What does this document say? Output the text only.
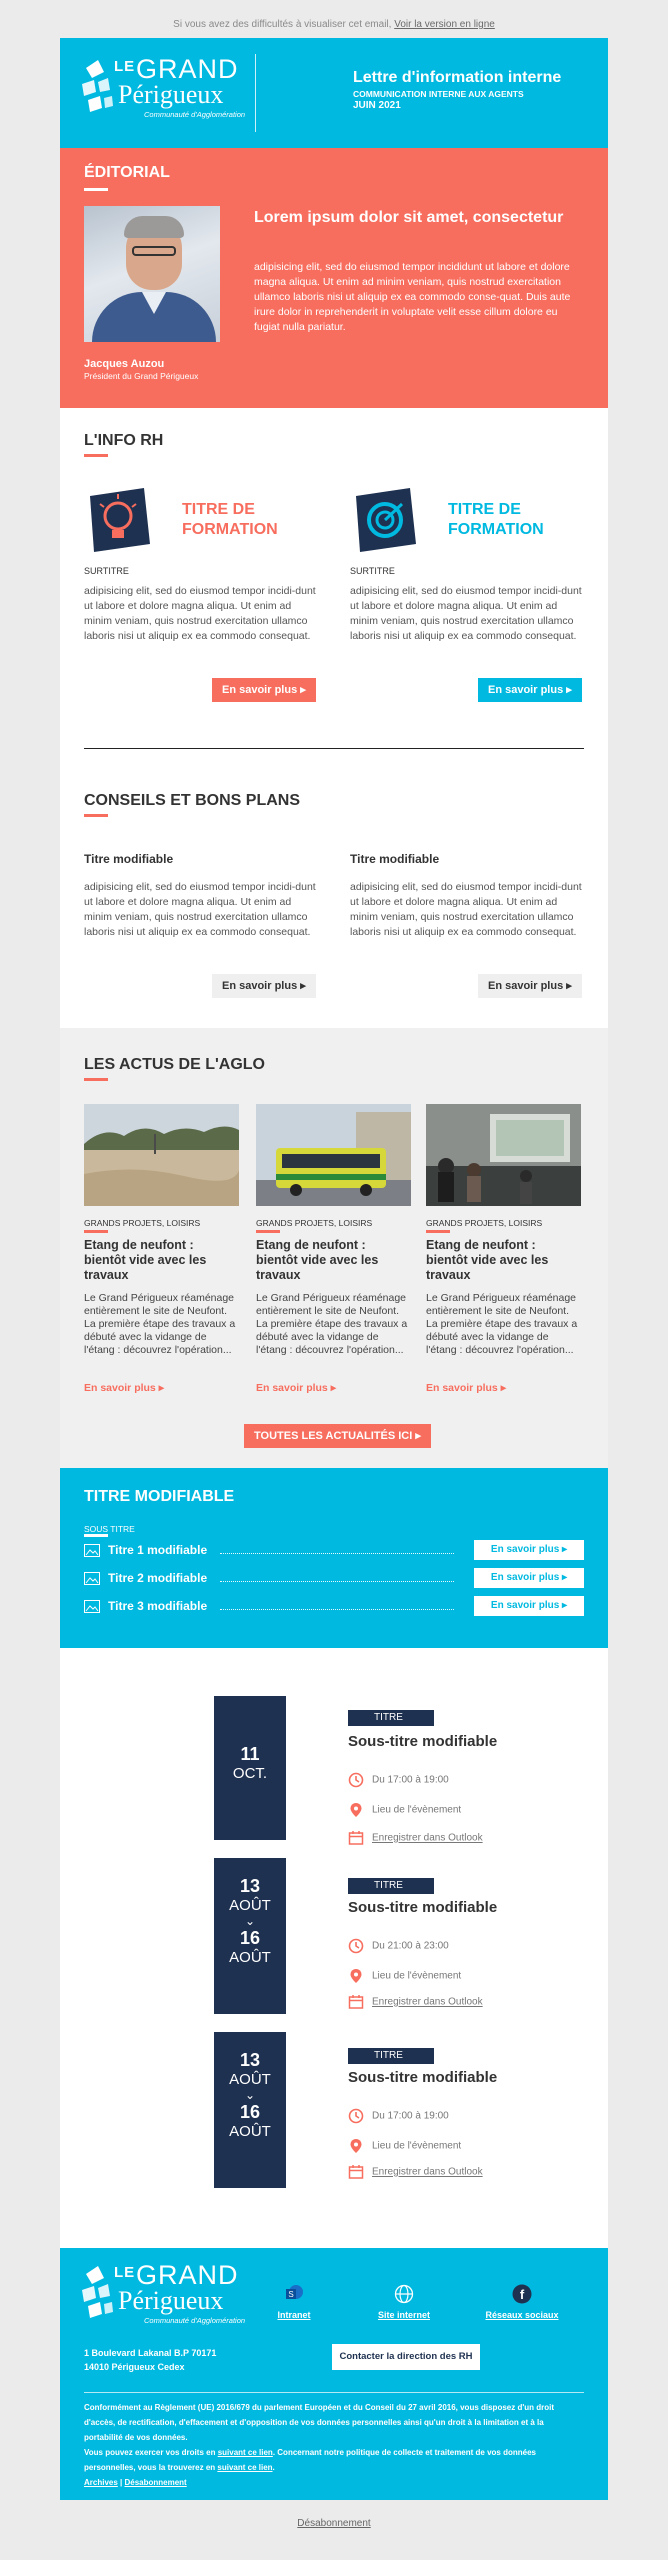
Si vous avez des difficultés à visualiser cet email, Voir la version en ligne
LE GRAND
Périgueux
Communauté d'Agglomération
Lettre d'information interne
COMMUNICATION INTERNE AUX AGENTS
JUIN 2021
ÉDITORIAL
Jacques Auzou
Président du Grand Périgueux
Lorem ipsum dolor sit amet, consectetur
adipisicing elit, sed do eiusmod tempor incididunt ut labore et dolore magna aliqua. Ut enim ad minim veniam, quis nostrud exercitation ullamco laboris nisi ut aliquip ex ea commodo conse-quat. Duis aute irure dolor in reprehenderit in voluptate velit esse cillum dolore eu fugiat nulla pariatur.
L'INFO RH
TITRE DE FORMATION
SURTITRE
adipisicing elit, sed do eiusmod tempor incidi-dunt ut labore et dolore magna aliqua. Ut enim ad minim veniam, quis nostrud exercitation ullamco laboris nisi ut aliquip ex ea commodo consequat.
En savoir plus ▸
TITRE DE FORMATION
SURTITRE
adipisicing elit, sed do eiusmod tempor incidi-dunt ut labore et dolore magna aliqua. Ut enim ad minim veniam, quis nostrud exercitation ullamco laboris nisi ut aliquip ex ea commodo consequat.
En savoir plus ▸
CONSEILS ET BONS PLANS
Titre modifiable
adipisicing elit, sed do eiusmod tempor incidi-dunt ut labore et dolore magna aliqua. Ut enim ad minim veniam, quis nostrud exercitation ullamco laboris nisi ut aliquip ex ea commodo consequat.
En savoir plus ▸
Titre modifiable
adipisicing elit, sed do eiusmod tempor incidi-dunt ut labore et dolore magna aliqua. Ut enim ad minim veniam, quis nostrud exercitation ullamco laboris nisi ut aliquip ex ea commodo consequat.
En savoir plus ▸
LES ACTUS DE L'AGLO
GRANDS PROJETS, LOISIRS
Etang de neufont : bientôt vide avec les travaux
Le Grand Périgueux réaménage entièrement le site de Neufont. La première étape des travaux a débuté avec la vidange de l'étang : découvrez l'opération...
En savoir plus ▸
GRANDS PROJETS, LOISIRS
Etang de neufont : bientôt vide avec les travaux
Le Grand Périgueux réaménage entièrement le site de Neufont. La première étape des travaux a débuté avec la vidange de l'étang : découvrez l'opération...
En savoir plus ▸
GRANDS PROJETS, LOISIRS
Etang de neufont : bientôt vide avec les travaux
Le Grand Périgueux réaménage entièrement le site de Neufont. La première étape des travaux a débuté avec la vidange de l'étang : découvrez l'opération...
En savoir plus ▸
TOUTES LES ACTUALITÉS ICI ▸
TITRE MODIFIABLE
SOUS TITRE
Titre 1 modifiable	En savoir plus ▸
Titre 2 modifiable	En savoir plus ▸
Titre 3 modifiable	En savoir plus ▸
11
OCT.
TITRE
Sous-titre modifiable
Du 17:00 à 19:00
Lieu de l'évènement
Enregistrer dans Outlook
13
AOÛT
⌄
16
AOÛT
TITRE
Sous-titre modifiable
Du 21:00 à 23:00
Lieu de l'évènement
Enregistrer dans Outlook
13
AOÛT
⌄
16
AOÛT
TITRE
Sous-titre modifiable
Du 17:00 à 19:00
Lieu de l'évènement
Enregistrer dans Outlook
LE GRAND
Périgueux
Communauté d'Agglomération
S
Intranet	Site internet
f
Réseaux sociaux
1 Boulevard Lakanal B.P 70171
14010 Périgueux Cedex
Contacter la direction des RH
Conformément au Règlement (UE) 2016/679 du parlement Européen et du Conseil du 27 avril 2016, vous disposez d'un droit d'accès, de rectification, d'effacement et d'opposition de vos données personnelles ainsi qu'un droit à la limitation et à la portabilité de vos données.
Vous pouvez exercer vos droits en suivant ce lien. Concernant notre politique de collecte et traitement de vos données personnelles, vous la trouverez en suivant ce lien.
Archives | Désabonnement
Désabonnement
